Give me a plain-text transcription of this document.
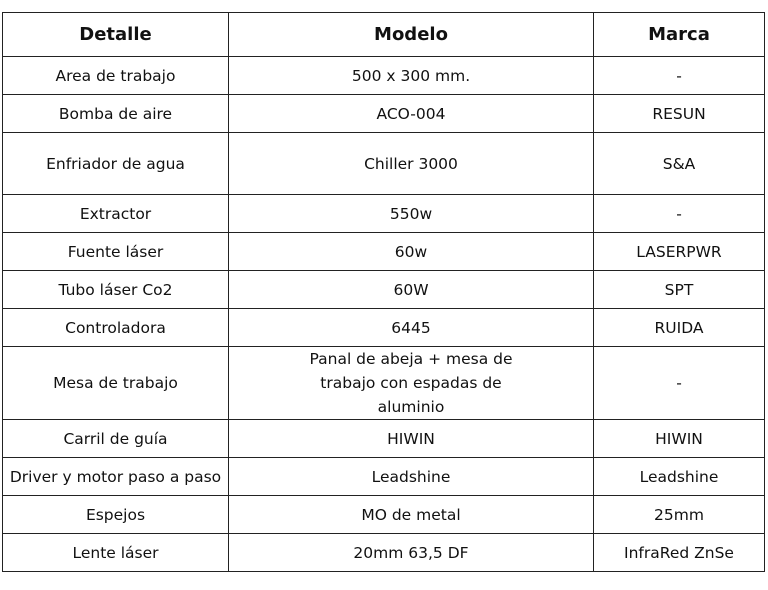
Detalle	Modelo	Marca
Area de trabajo	500 x 300 mm.	-
Bomba de aire	ACO-004	RESUN
Enfriador de agua	Chiller 3000	S&A
Extractor	550w	-
Fuente láser	60w	LASERPWR
Tubo láser Co2	60W	SPT
Controladora	6445	RUIDA
Mesa de trabajo	Panal de abeja + mesa de trabajo con espadas de aluminio	-
Carril de guía	HIWIN	HIWIN
Driver y motor paso a paso	Leadshine	Leadshine
Espejos	MO de metal	25mm
Lente láser	20mm 63,5 DF	InfraRed ZnSe
